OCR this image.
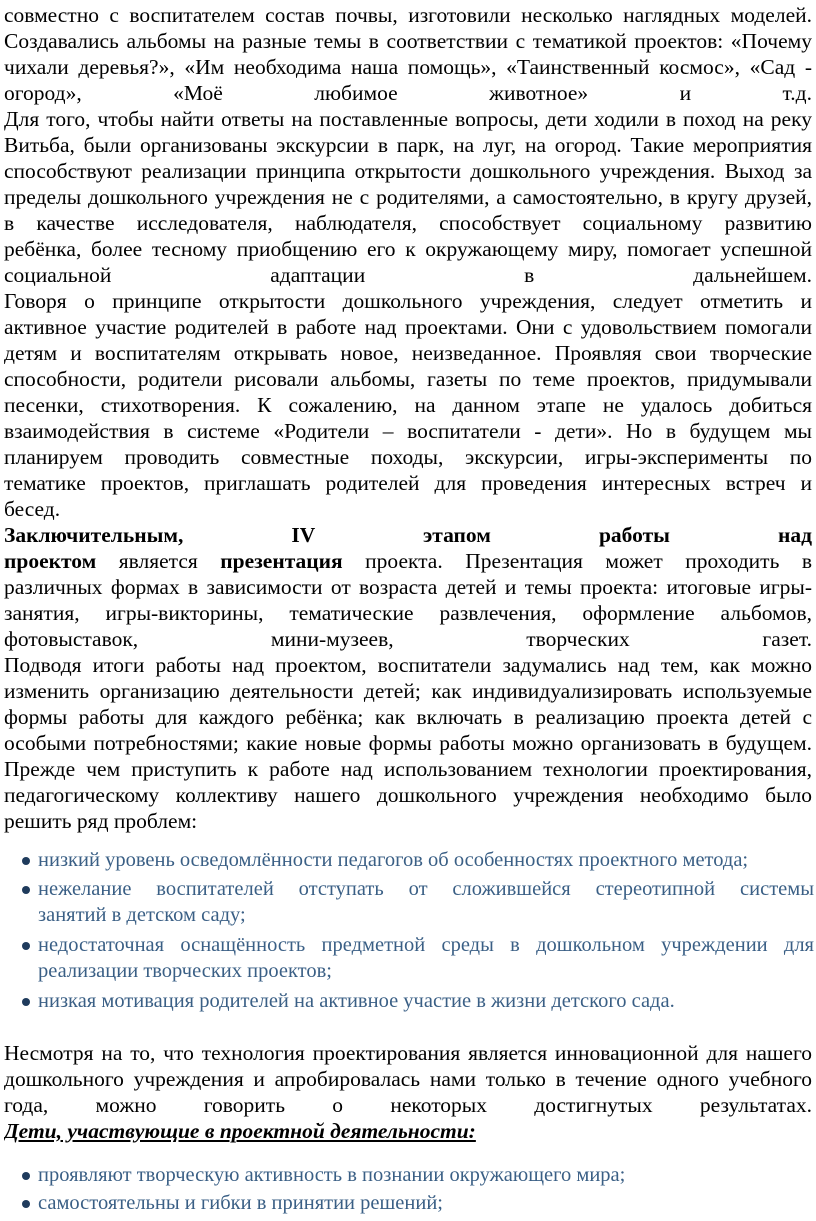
совместно с воспитателем состав почвы, изготовили несколько наглядных моделей.
Создавались альбомы на разные темы в соответствии с тематикой проектов: «Почему
чихали деревья?», «Им необходима наша помощь», «Таинственный космос», «Сад -
огород», «Моё любимое животное» и т.д.
Для того, чтобы найти ответы на поставленные вопросы, дети ходили в поход на реку
Витьба, были организованы экскурсии в парк, на луг, на огород. Такие мероприятия
способствуют реализации принципа открытости дошкольного учреждения. Выход за
пределы дошкольного учреждения не с родителями, а самостоятельно, в кругу друзей,
в качестве исследователя, наблюдателя, способствует социальному развитию
ребёнка, более тесному приобщению его к окружающему миру, помогает успешной
социальной адаптации в дальнейшем.
Говоря о принципе открытости дошкольного учреждения, следует отметить и
активное участие родителей в работе над проектами. Они с удовольствием помогали
детям и воспитателям открывать новое, неизведанное. Проявляя свои творческие
способности, родители рисовали альбомы, газеты по теме проектов, придумывали
песенки, стихотворения. К сожалению, на данном этапе не удалось добиться
взаимодействия в системе «Родители – воспитатели - дети». Но в будущем мы
планируем проводить совместные походы, экскурсии, игры-эксперименты по
тематике проектов, приглашать родителей для проведения интересных встреч и
бесед.
Заключительным, IV этапом работы над
проектом является презентация проекта. Презентация может проходить в
различных формах в зависимости от возраста детей и темы проекта: итоговые игры-
занятия, игры-викторины, тематические развлечения, оформление альбомов,
фотовыставок, мини-музеев, творческих газет.
Подводя итоги работы над проектом, воспитатели задумались над тем, как можно
изменить организацию деятельности детей; как индивидуализировать используемые
формы работы для каждого ребёнка; как включать в реализацию проекта детей с
особыми потребностями; какие новые формы работы можно организовать в будущем.
Прежде чем приступить к работе над использованием технологии проектирования,
педагогическому коллективу нашего дошкольного учреждения необходимо было
решить ряд проблем:
низкий уровень осведомлённости педагогов об особенностях проектного метода;
нежелание воспитателей отступать от сложившейся стереотипной системы
занятий в детском саду;
недостаточная оснащённость предметной среды в дошкольном учреждении для
реализации творческих проектов;
низкая мотивация родителей на активное участие в жизни детского сада.
Несмотря на то, что технология проектирования является инновационной для нашего
дошкольного учреждения и апробировалась нами только в течение одного учебного
года, можно говорить о некоторых достигнутых результатах.
Дети, участвующие в проектной деятельности:
проявляют творческую активность в познании окружающего мира;
самостоятельны и гибки в принятии решений;
